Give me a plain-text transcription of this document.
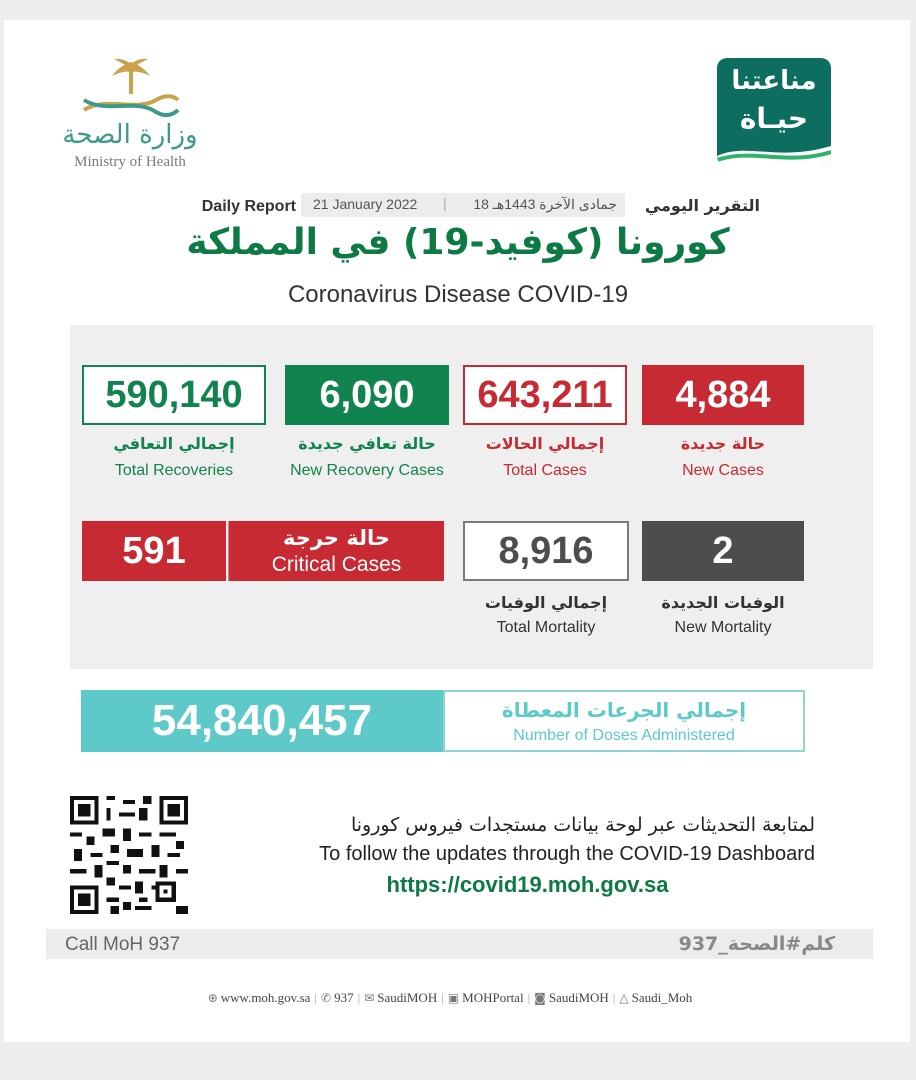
وزارة الصحة
Ministry of Health
مناعتنا
حيـاة
التقرير اليومي
18 جمادى الآخرة 1443هـ
|
21 January 2022
Daily Report
كورونا (كوفيد-19) في المملكة
Coronavirus Disease COVID-19
4,884
حالة جديدة
New Cases
643,211
إجمالي الحالات
Total Cases
6,090
حالة تعافي جديدة
New Recovery Cases
590,140
إجمالي التعافي
Total Recoveries
2
الوفيات الجديدة
New Mortality
8,916
إجمالي الوفيات
Total Mortality
591	حالة حرجة
Critical Cases
54,840,457	إجمالي الجرعات المعطاة
Number of Doses Administered
لمتابعة التحديثات عبر لوحة بيانات مستجدات فيروس كورونا
To follow the updates through the COVID-19 Dashboard
https://covid19.moh.gov.sa
Call MoH 937	كلم#الصحة_937
⊕ www.moh.gov.sa | ✆ 937 | ✉ SaudiMOH | ▣ MOHPortal | ◙ SaudiMOH | △ Saudi_Moh
